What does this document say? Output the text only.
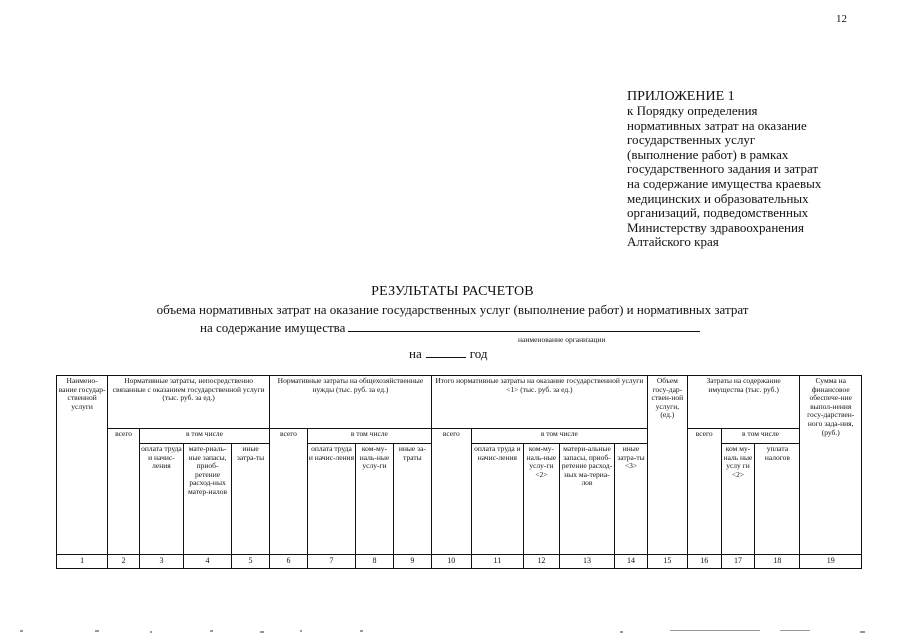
12
ПРИЛОЖЕНИЕ 1
к Порядку определения
нормативных затрат на оказание
государственных услуг
(выполнение работ) в рамках
государственного задания и затрат
на содержание имущества краевых
медицинских и образовательных
организаций, подведомственных
Министерству здравоохранения
Алтайского края
РЕЗУЛЬТАТЫ РАСЧЕТОВ
объема нормативных затрат на оказание государственных услуг (выполнение работ) и нормативных затрат
на содержание имущества
наименование организации
на	год
Наимено-вание государ-ственной услуги	Нормативные затраты, непосредственно связанные с оказанием государственной услуги (тыс. руб. за ед.)				Нормативные затраты на общехозяйственные нужды (тыс. руб. за ед.)				Итого нормативные затраты на оказание государственной услуги <1> (тыс. руб. за ед.)					Объем госу-дар-ствен-ной услуги, (ед.)	Затраты на содержание имущества (тыс. руб.)			Сумма на финансовое обеспече-ние выпол-нения госу-дарствен-ного зада-ния, (руб.)
	всего	в том числе			всего	в том числе			всего	в том числе					всего	в том числе		
		оплата труда и начис-ления	мате-риаль-ные запасы, приоб-ретение расход-ных матер-иалов	иные затра-ты		оплата труда и начис-ления	ком-му-наль-ные услу-ги	иные за-траты		оплата труда и начис-ления	ком-му-наль-ные услу-ги <2>	матери-альные запасы, приоб-ретение расход-ных ма-териа-лов	иные затра-ты <3>			ком му-наль ные услу ги <2>	уплата налогов	
1	2	3	4	5	6	7	8	9	10	11	12	13	14	15	16	17	18	19
